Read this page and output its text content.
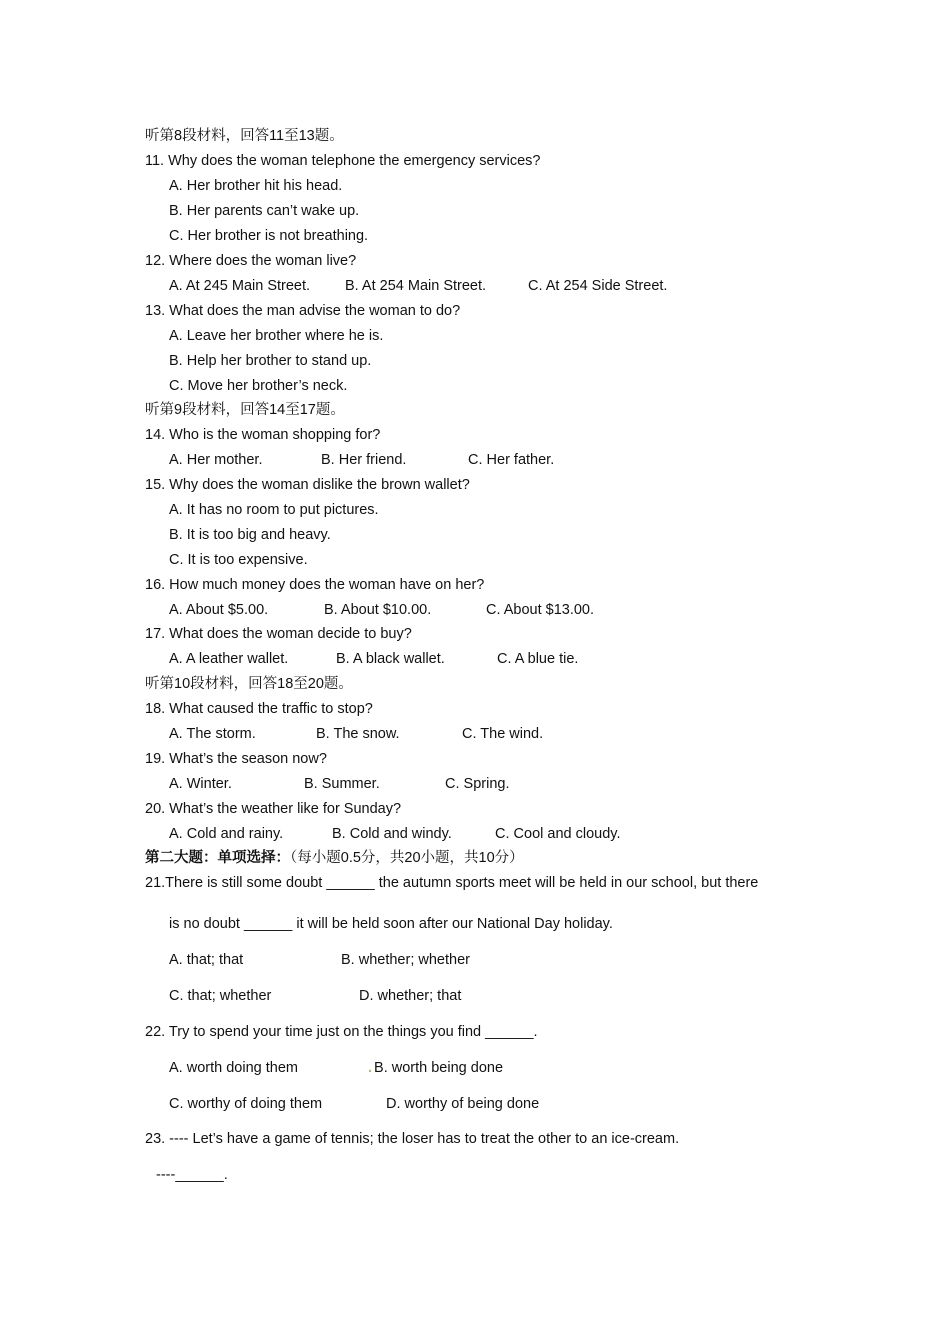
听第8段材料，回答11至13题。
11. Why does the woman telephone the emergency services?
A. Her brother hit his head.
B. Her parents can’t wake up.
C. Her brother is not breathing.
12. Where does the woman live?
A. At 245 Main Street. B. At 254 Main Street.	C. At 254 Side Street.
13. What does the man advise the woman to do?
A. Leave her brother where he is.
B. Help her brother to stand up.
C. Move her brother’s neck.
听第9段材料，回答14至17题。
14. Who is the woman shopping for?
A. Her mother.	B. Her friend.	C. Her father.
15. Why does the woman dislike the brown wallet?
A. It has no room to put pictures.
B. It is too big and heavy.
C. It is too expensive.
16. How much money does the woman have on her?
A. About $5.00.	B. About $10.00.	C. About $13.00.
17. What does the woman decide to buy?
A. A leather wallet.	B. A black wallet.	C. A blue tie.
听第10段材料，回答18至20题。
18. What caused the traffic to stop?
A. The storm.	B. The snow.	C. The wind.
19. What’s the season now?
A. Winter.	B. Summer.	C. Spring.
20. What’s the weather like for Sunday?
A. Cold and rainy.	B. Cold and windy.	C. Cool and cloudy.
第二大题：单项选择：（每小题0.5分，共20小题，共10分）
21.There is still some doubt ______ the autumn sports meet will be held in our school, but there
is no doubt ______ it will be held soon after our National Day holiday.
A. that; that	B. whether; whether
C. that; whether	D. whether; that
22. Try to spend your time just on the things you find ______.
A. worth doing them	. B. worth being done
C. worthy of doing them	D. worthy of being done
23. ---- Let’s have a game of tennis; the loser has to treat the other to an ice-cream.
----______.
